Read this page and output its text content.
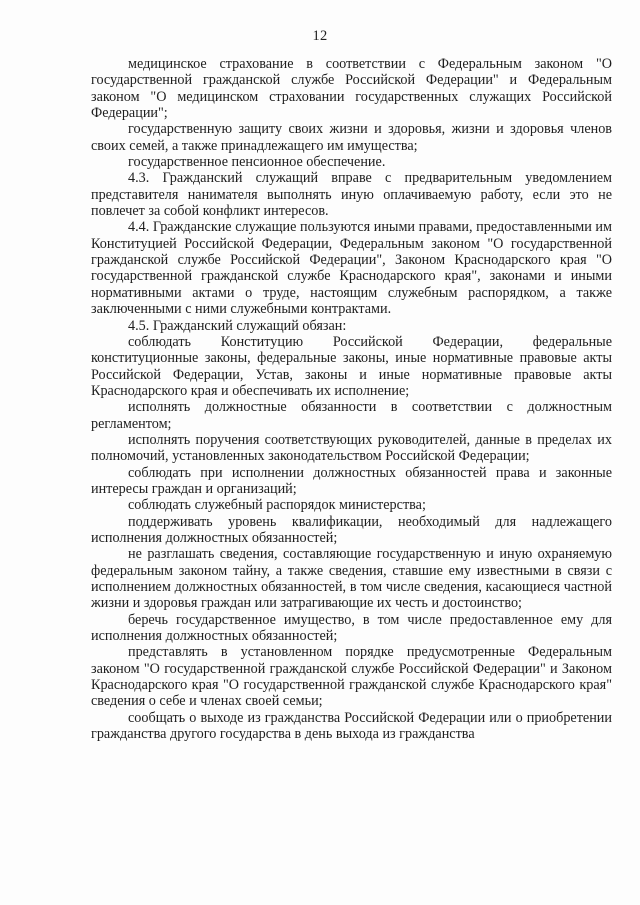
12

медицинское страхование в соответствии с Федеральным законом "О государственной гражданской службе Российской Федерации" и Федеральным законом "О медицинском страховании государственных служащих Российской Федерации";

государственную защиту своих жизни и здоровья, жизни и здоровья членов своих семей, а также принадлежащего им имущества;

государственное пенсионное обеспечение.

4.3. Гражданский служащий вправе с предварительным уведомлением представителя нанимателя выполнять иную оплачиваемую работу, если это не повлечет за собой конфликт интересов.

4.4. Гражданские служащие пользуются иными правами, предоставленными им Конституцией Российской Федерации, Федеральным законом "О государственной гражданской службе Российской Федерации", Законом Краснодарского края "О государственной гражданской службе Краснодарского края", законами и иными нормативными актами о труде, настоящим служебным распорядком, а также заключенными с ними служебными контрактами.

4.5. Гражданский служащий обязан:

соблюдать Конституцию Российской Федерации, федеральные конституционные законы, федеральные законы, иные нормативные правовые акты Российской Федерации, Устав, законы и иные нормативные правовые акты Краснодарского края и обеспечивать их исполнение;

исполнять должностные обязанности в соответствии с должностным регламентом;

исполнять поручения соответствующих руководителей, данные в пределах их полномочий, установленных законодательством Российской Федерации;

соблюдать при исполнении должностных обязанностей права и законные интересы граждан и организаций;

соблюдать служебный распорядок министерства;

поддерживать уровень квалификации, необходимый для надлежащего исполнения должностных обязанностей;

не разглашать сведения, составляющие государственную и иную охраняемую федеральным законом тайну, а также сведения, ставшие ему известными в связи с исполнением должностных обязанностей, в том числе сведения, касающиеся частной жизни и здоровья граждан или затрагивающие их честь и достоинство;

беречь государственное имущество, в том числе предоставленное ему для исполнения должностных обязанностей;

представлять в установленном порядке предусмотренные Федеральным законом "О государственной гражданской службе Российской Федерации" и Законом Краснодарского края "О государственной гражданской службе Краснодарского края" сведения о себе и членах своей семьи;

сообщать о выходе из гражданства Российской Федерации или о приобретении гражданства другого государства в день выхода из гражданства
